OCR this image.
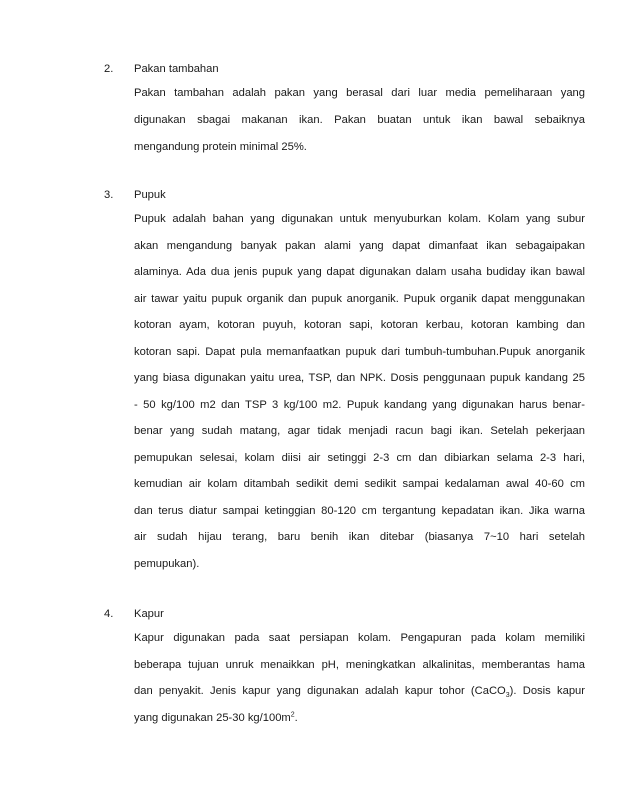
2. Pakan tambahan
Pakan tambahan adalah pakan yang berasal dari luar media pemeliharaan yang
digunakan sbagai makanan ikan. Pakan buatan untuk ikan bawal sebaiknya
mengandung protein minimal 25%.
3. Pupuk
Pupuk adalah bahan yang digunakan untuk menyuburkan kolam. Kolam yang subur
akan mengandung banyak pakan alami yang dapat dimanfaat ikan sebagaipakan
alaminya. Ada dua jenis pupuk yang dapat digunakan dalam usaha budiday ikan bawal
air tawar yaitu pupuk organik dan pupuk anorganik. Pupuk organik dapat menggunakan
kotoran ayam, kotoran puyuh, kotoran sapi, kotoran kerbau, kotoran kambing dan
kotoran sapi. Dapat pula memanfaatkan pupuk dari tumbuh-tumbuhan.Pupuk anorganik
yang biasa digunakan yaitu urea, TSP, dan NPK. Dosis penggunaan pupuk kandang 25
- 50 kg/100 m2 dan TSP 3 kg/100 m2. Pupuk kandang yang digunakan harus benar-
benar yang sudah matang, agar tidak menjadi racun bagi ikan. Setelah pekerjaan
pemupukan selesai, kolam diisi air setinggi 2-3 cm dan dibiarkan selama 2-3 hari,
kemudian air kolam ditambah sedikit demi sedikit sampai kedalaman awal 40-60 cm
dan terus diatur sampai ketinggian 80-120 cm tergantung kepadatan ikan. Jika warna
air sudah hijau terang, baru benih ikan ditebar (biasanya 7~10 hari setelah
pemupukan).
4. Kapur
Kapur digunakan pada saat persiapan kolam. Pengapuran pada kolam memiliki
beberapa tujuan unruk menaikkan pH, meningkatkan alkalinitas, memberantas hama
dan penyakit. Jenis kapur yang digunakan adalah kapur tohor (CaCO$_3$). Dosis kapur
yang digunakan 25-30 $kg/100m^2$.
